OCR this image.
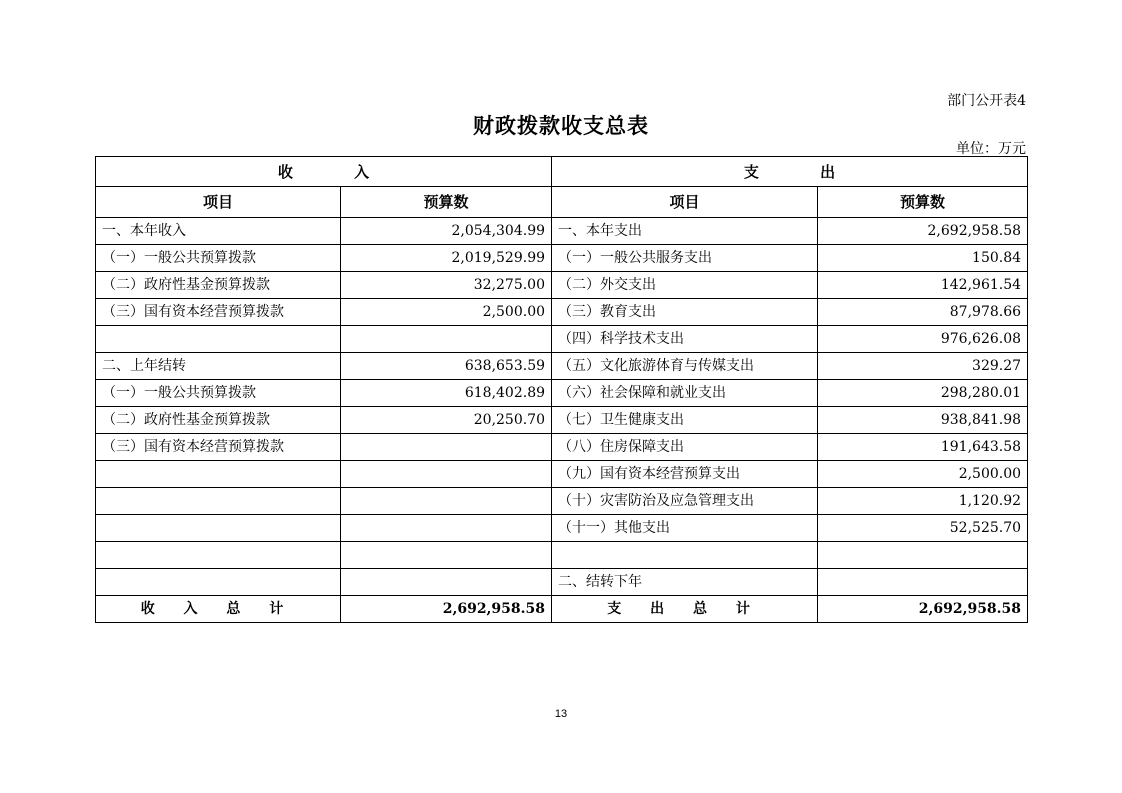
部门公开表4
财政拨款收支总表
单位：万元
收 入		支 出	
项目	预算数	项目	预算数
一、本年收入	2,054,304.99	一、本年支出	2,692,958.58
（一）一般公共预算拨款	2,019,529.99	（一）一般公共服务支出	150.84
（二）政府性基金预算拨款	32,275.00	（二）外交支出	142,961.54
（三）国有资本经营预算拨款	2,500.00	（三）教育支出	87,978.66
		（四）科学技术支出	976,626.08
二、上年结转	638,653.59	（五）文化旅游体育与传媒支出	329.27
（一）一般公共预算拨款	618,402.89	（六）社会保障和就业支出	298,280.01
（二）政府性基金预算拨款	20,250.70	（七）卫生健康支出	938,841.98
（三）国有资本经营预算拨款		（八）住房保障支出	191,643.58
		（九）国有资本经营预算支出	2,500.00
		（十）灾害防治及应急管理支出	1,120.92
		（十一）其他支出	52,525.70

		二、结转下年	
收 入 总 计	2,692,958.58	支 出 总 计	2,692,958.58
13
